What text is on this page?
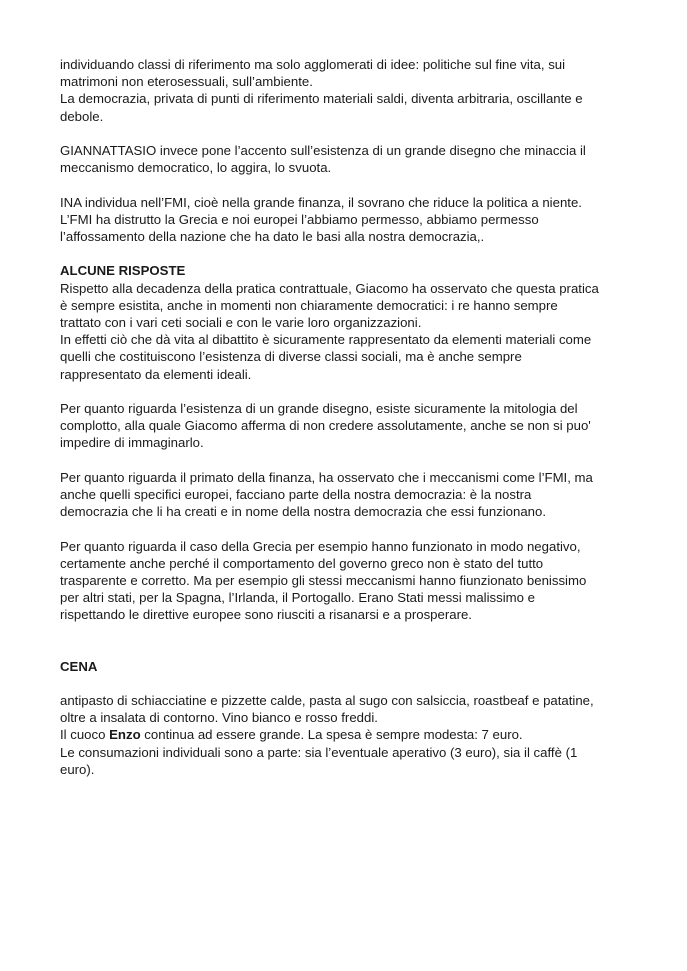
individuando classi di riferimento ma solo agglomerati di idee: politiche sul fine vita, sui

matrimoni non eterosessuali, sull’ambiente.

La democrazia, privata di punti di riferimento materiali saldi, diventa arbitraria, oscillante e

debole.

GIANNATTASIO invece pone l’accento sull’esistenza di un grande disegno che minaccia il

meccanismo democratico, lo aggira, lo svuota.

INA individua nell’FMI, cioè nella grande finanza, il sovrano che riduce la politica a niente.

L’FMI ha distrutto la Grecia e noi europei l’abbiamo permesso, abbiamo permesso

l’affossamento della nazione che ha dato le basi alla nostra democrazia,.

ALCUNE RISPOSTE

Rispetto alla decadenza della pratica contrattuale, Giacomo ha osservato che questa pratica

è sempre esistita, anche in momenti non chiaramente democratici: i re hanno sempre

trattato con i vari ceti sociali e con le varie loro organizzazioni.

In effetti ciò che dà vita al dibattito è sicuramente rappresentato da elementi materiali come

quelli che costituiscono l’esistenza di diverse classi sociali, ma è anche sempre

rappresentato da elementi ideali.

Per quanto riguarda l’esistenza di un grande disegno, esiste sicuramente la mitologia del

complotto, alla quale Giacomo afferma di non credere assolutamente, anche se non si puo'

impedire di immaginarlo.

Per quanto riguarda il primato della finanza, ha osservato che i meccanismi come l’FMI, ma

anche quelli specifici europei, facciano parte della nostra democrazia: è la nostra

democrazia che li ha creati e in nome della nostra democrazia che essi funzionano.

Per quanto riguarda il caso della Grecia per esempio hanno funzionato in modo negativo,

certamente anche perché il comportamento del governo greco non è stato del tutto

trasparente e corretto. Ma per esempio gli stessi meccanismi hanno fiunzionato benissimo

per altri stati, per la Spagna, l’Irlanda, il Portogallo. Erano Stati messi malissimo e

rispettando le direttive europee sono riusciti a risanarsi e a prosperare.

CENA

antipasto di schiacciatine e pizzette calde, pasta al sugo con salsiccia, roastbeaf e patatine,

oltre a insalata di contorno. Vino bianco e rosso freddi.

Il cuoco Enzo continua ad essere grande. La spesa è sempre modesta: 7 euro.

Le consumazioni individuali sono a parte: sia l’eventuale aperativo (3 euro), sia il caffè (1

euro).
